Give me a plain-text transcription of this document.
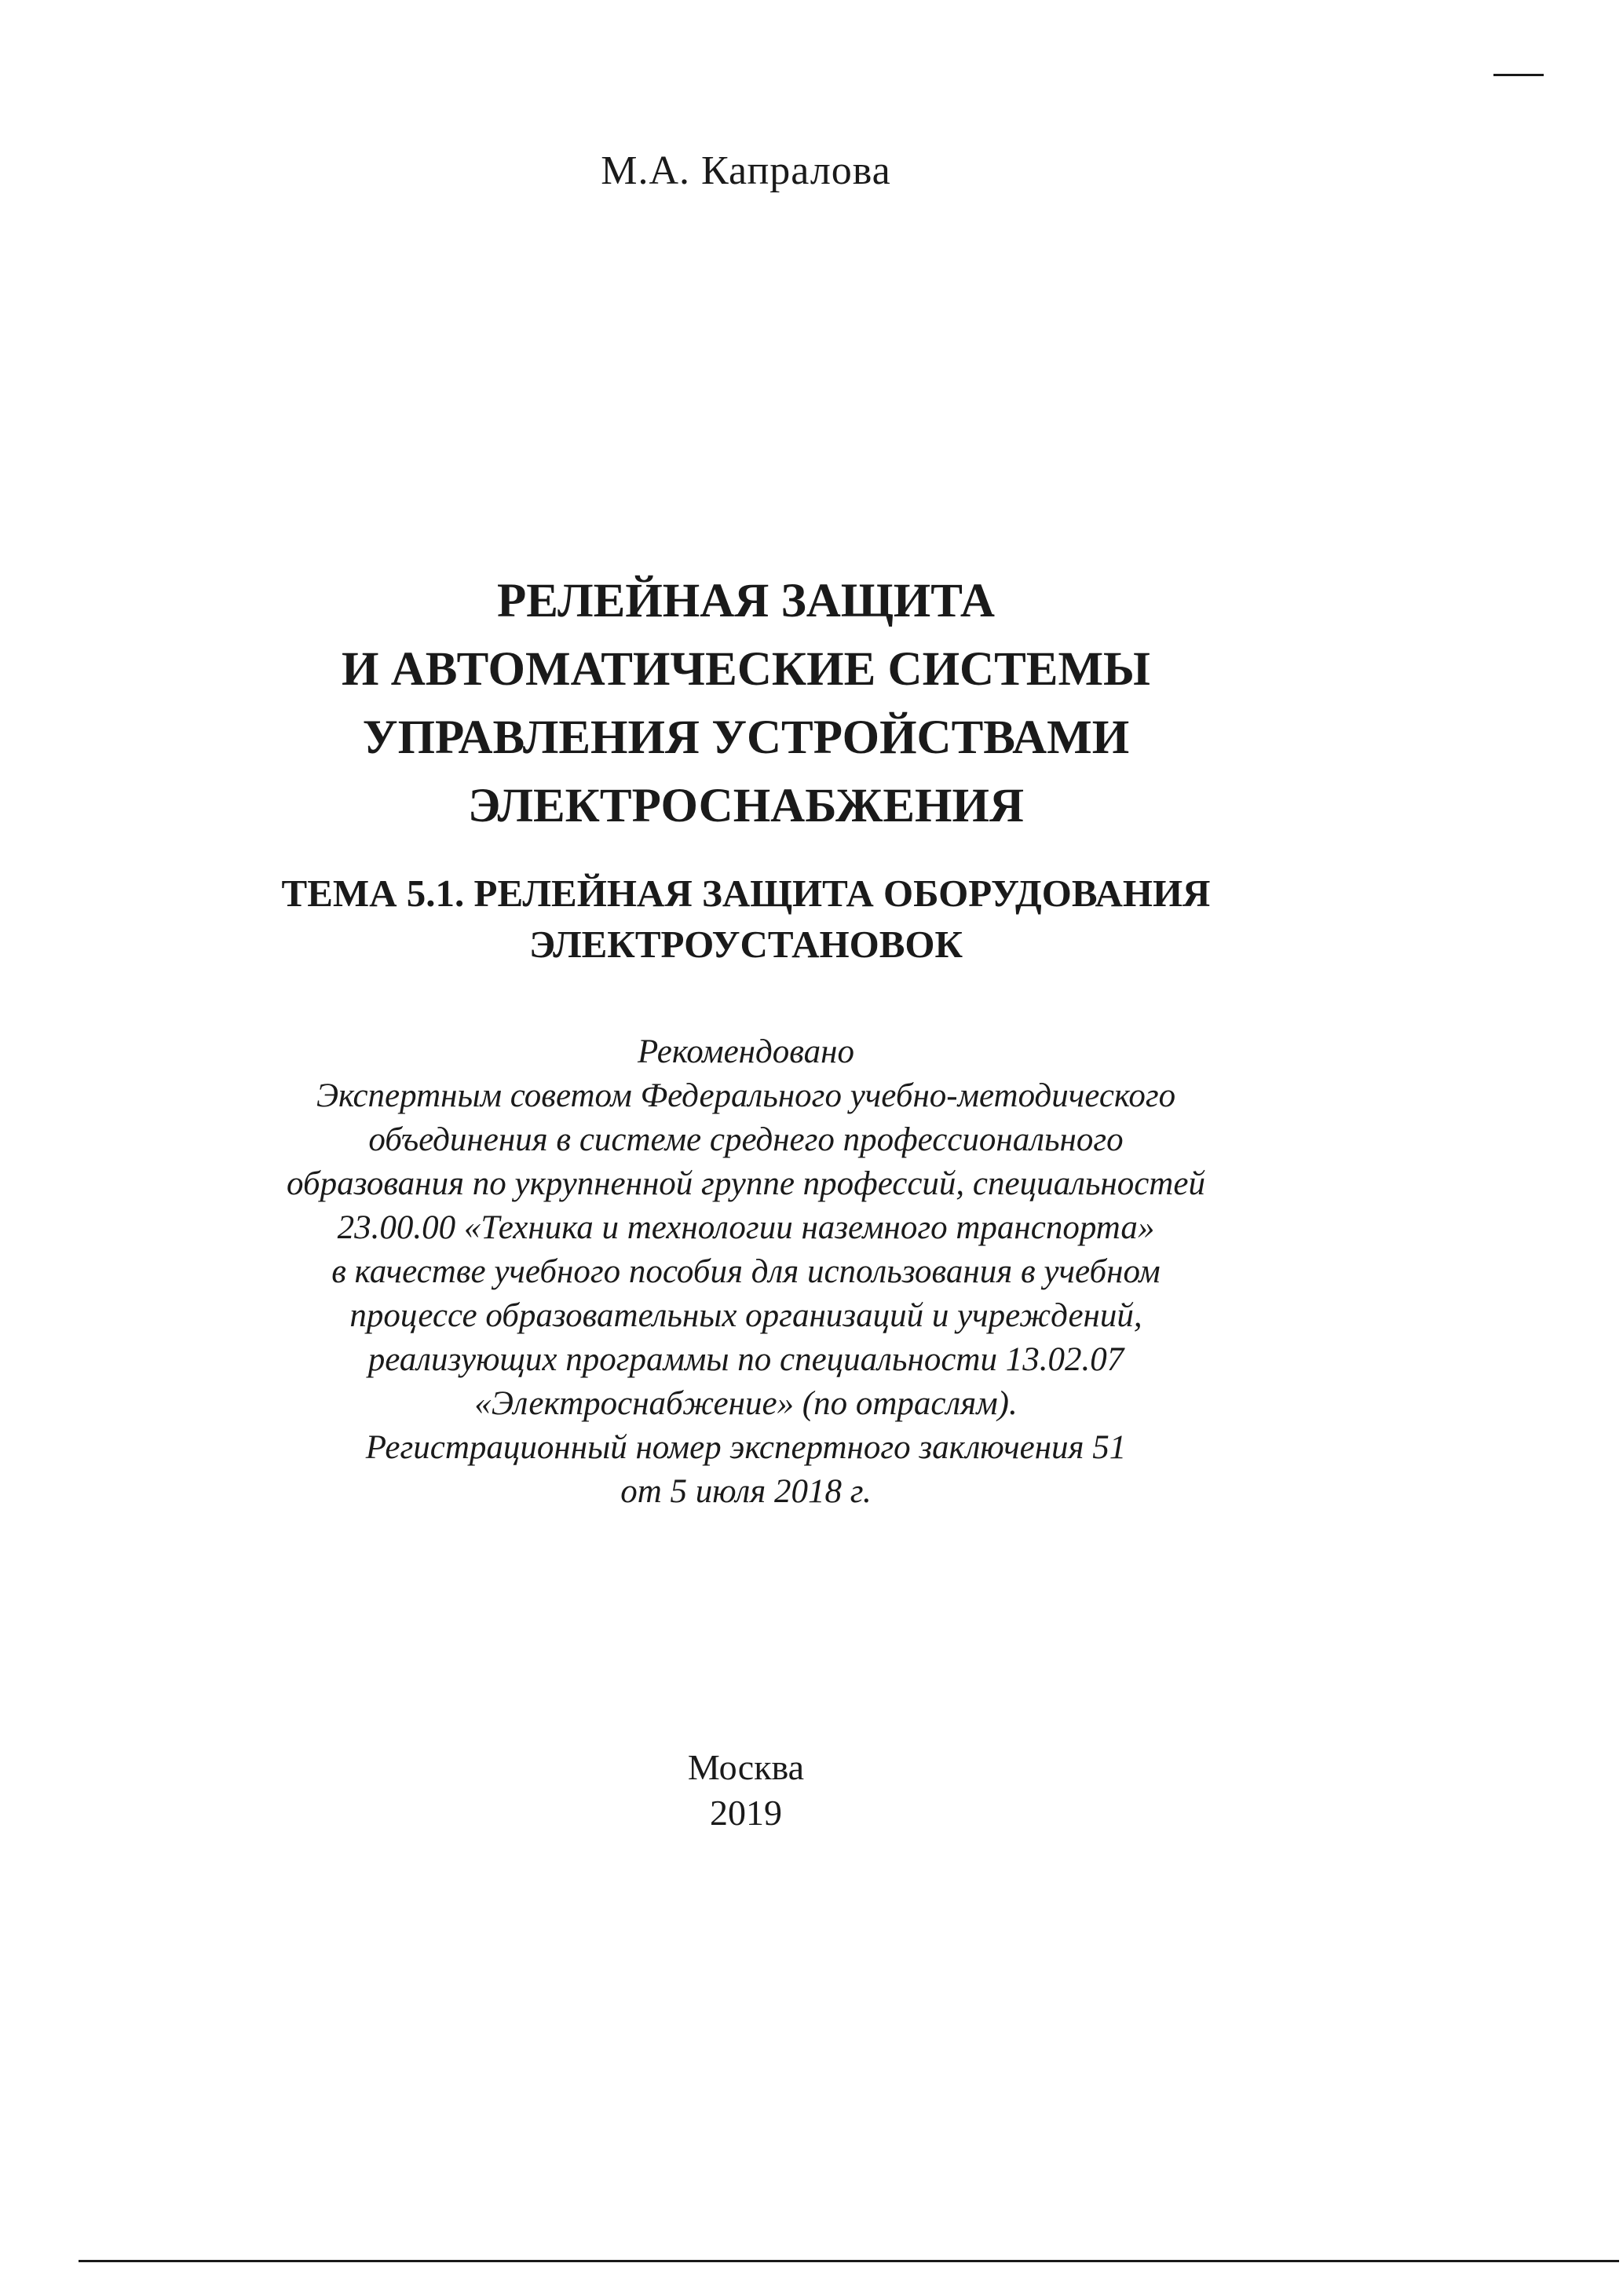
М.А. Капралова
РЕЛЕЙНАЯ ЗАЩИТА
И АВТОМАТИЧЕСКИЕ СИСТЕМЫ
УПРАВЛЕНИЯ УСТРОЙСТВАМИ
ЭЛЕКТРОСНАБЖЕНИЯ
ТЕМА 5.1. РЕЛЕЙНАЯ ЗАЩИТА ОБОРУДОВАНИЯ
ЭЛЕКТРОУСТАНОВОК
Рекомендовано
Экспертным советом Федерального учебно-методического
объединения в системе среднего профессионального
образования по укрупненной группе профессий, специальностей
23.00.00 «Техника и технологии наземного транспорта»
в качестве учебного пособия для использования в учебном
процессе образовательных организаций и учреждений,
реализующих программы по специальности 13.02.07
«Электроснабжение» (по отраслям).
Регистрационный номер экспертного заключения 51
от 5 июля 2018 г.
Москва
2019
